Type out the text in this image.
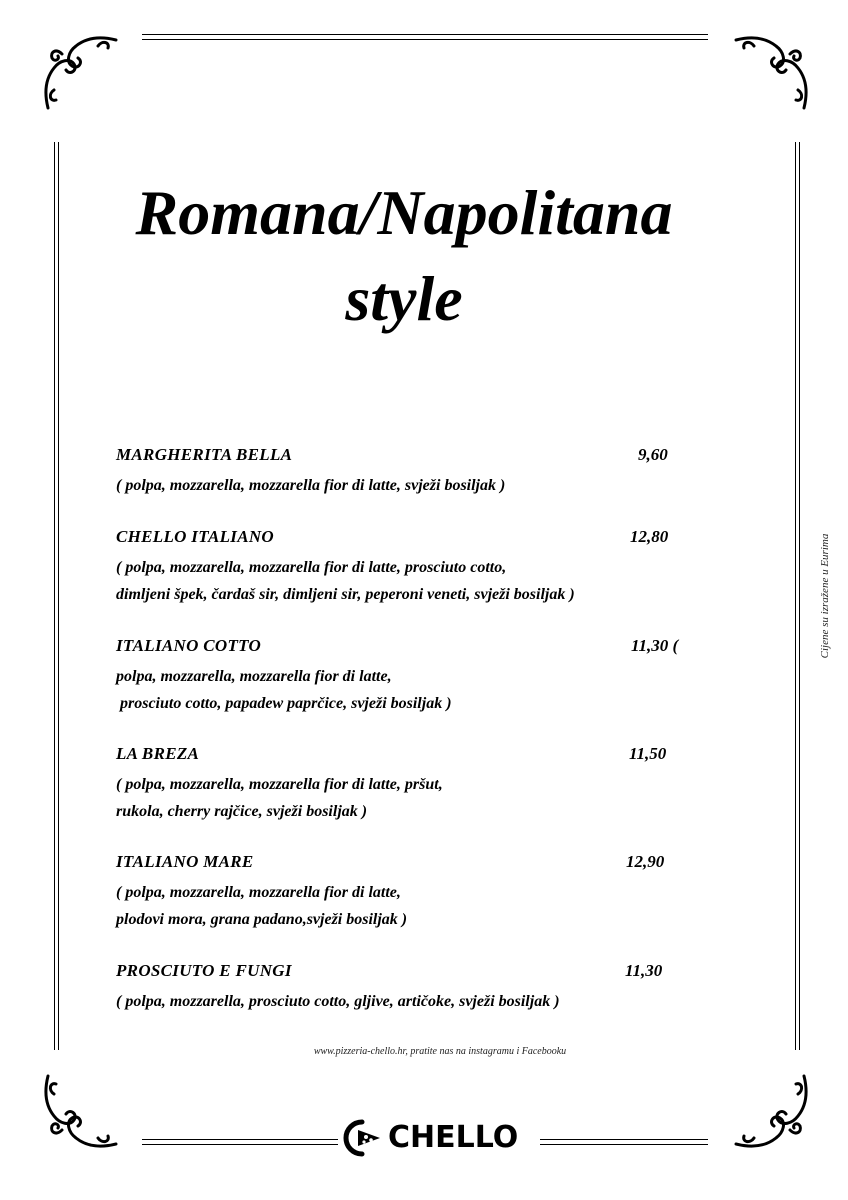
Romana/Napolitana
style
MARGHERITA BELLA	9,60
( polpa, mozzarella, mozzarella fior di latte, svježi bosiljak )
CHELLO ITALIANO	12,80
( polpa, mozzarella, mozzarella fior di latte, prosciuto cotto,
dimljeni špek, čardaš sir, dimljeni sir, peperoni veneti, svježi bosiljak )
ITALIANO COTTO	11,30 (
polpa, mozzarella, mozzarella fior di latte,
prosciuto cotto, papadew paprčice, svježi bosiljak )
LA BREZA	11,50
( polpa, mozzarella, mozzarella fior di latte, pršut,
rukola, cherry rajčice, svježi bosiljak )
ITALIANO MARE	12,90
( polpa, mozzarella, mozzarella fior di latte,
plodovi mora, grana padano,svježi bosiljak )
PROSCIUTO E FUNGI	11,30
( polpa, mozzarella, prosciuto cotto, gljive, artičoke, svježi bosiljak )
Cijene su izražene u Eurima
www.pizzeria-chello.hr, pratite nas na instagramu i Facebooku
CHELLO
